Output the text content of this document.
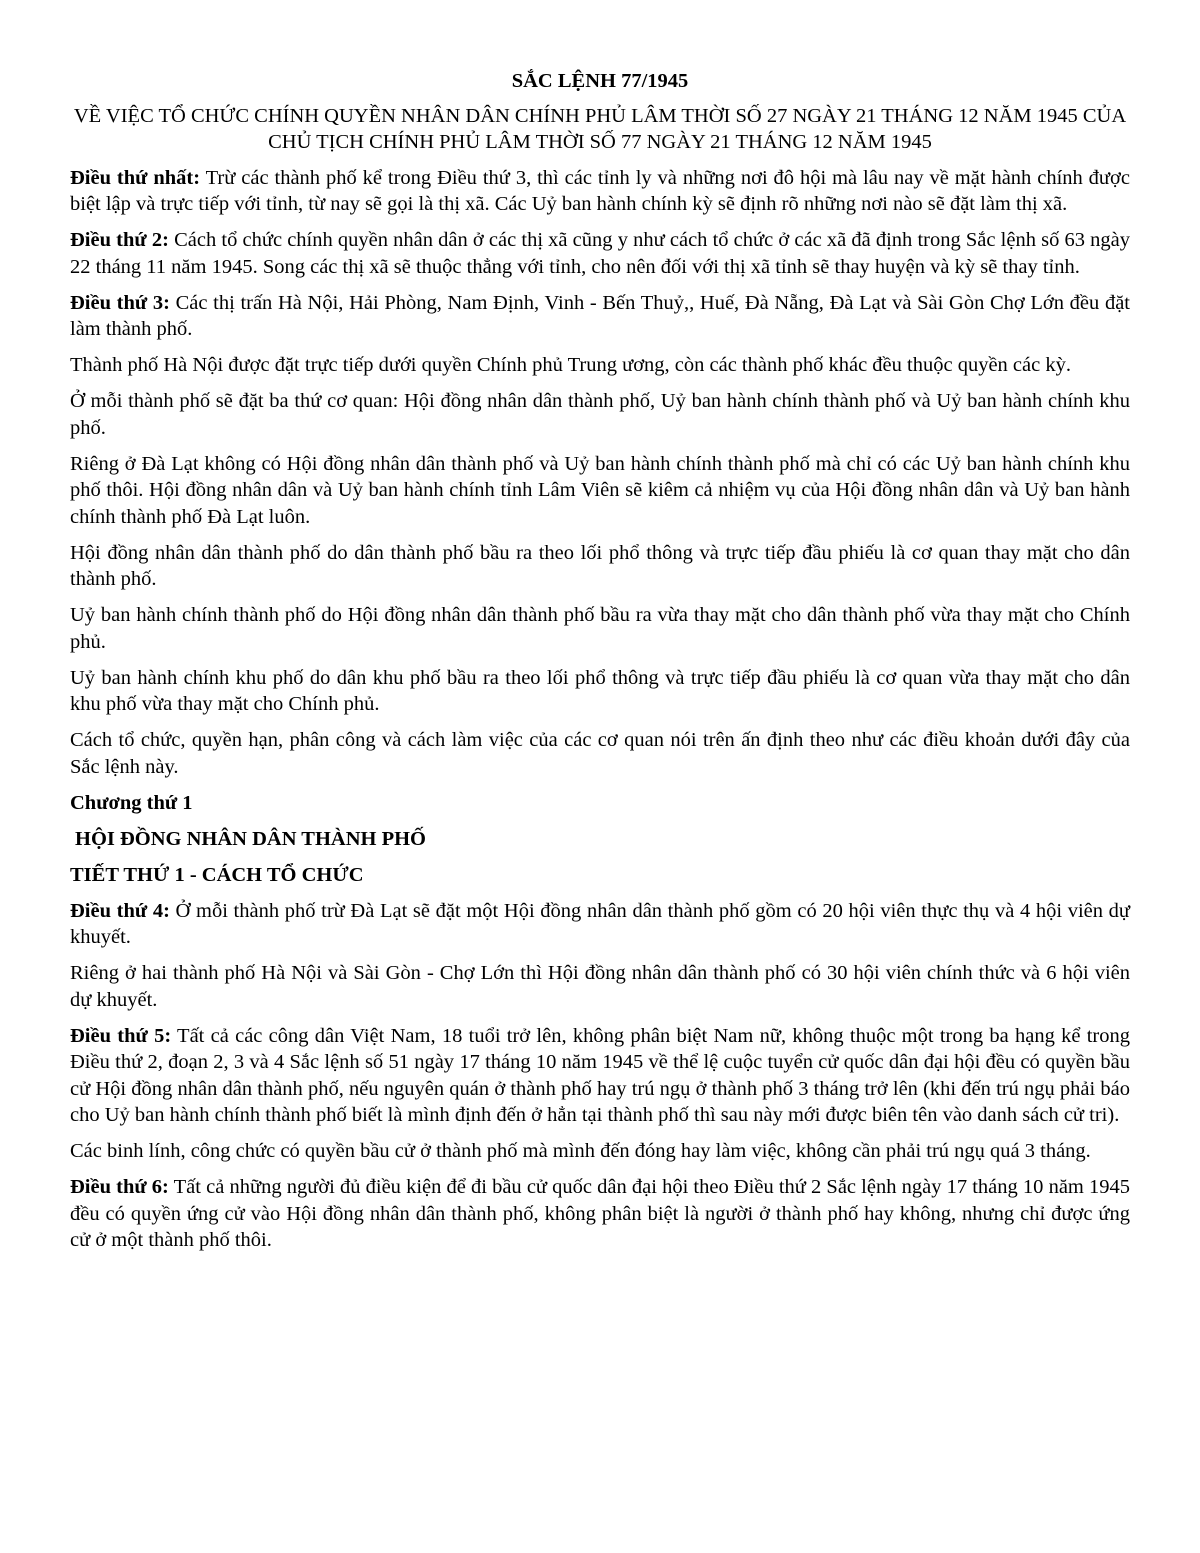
SẮC LỆNH 77/1945
VỀ VIỆC TỔ CHỨC CHÍNH QUYỀN NHÂN DÂN CHÍNH PHỦ LÂM THỜI SỐ 27 NGÀY 21 THÁNG 12 NĂM 1945 CỦA CHỦ TỊCH CHÍNH PHỦ LÂM THỜI SỐ 77 NGÀY 21 THÁNG 12 NĂM 1945

Điều thứ nhất: Trừ các thành phố kể trong Điều thứ 3, thì các tỉnh ly và những nơi đô hội mà lâu nay về mặt hành chính được biệt lập và trực tiếp với tỉnh, từ nay sẽ gọi là thị xã. Các Uỷ ban hành chính kỳ sẽ định rõ những nơi nào sẽ đặt làm thị xã.

Điều thứ 2: Cách tổ chức chính quyền nhân dân ở các thị xã cũng y như cách tổ chức ở các xã đã định trong Sắc lệnh số 63 ngày 22 tháng 11 năm 1945. Song các thị xã sẽ thuộc thẳng với tỉnh, cho nên đối với thị xã tỉnh sẽ thay huyện và kỳ sẽ thay tỉnh.

Điều thứ 3: Các thị trấn Hà Nội, Hải Phòng, Nam Định, Vinh - Bến Thuỷ,, Huế, Đà Nẵng, Đà Lạt và Sài Gòn Chợ Lớn đều đặt làm thành phố.

Thành phố Hà Nội được đặt trực tiếp dưới quyền Chính phủ Trung ương, còn các thành phố khác đều thuộc quyền các kỳ.

Ở mỗi thành phố sẽ đặt ba thứ cơ quan: Hội đồng nhân dân thành phố, Uỷ ban hành chính thành phố và Uỷ ban hành chính khu phố.

Riêng ở Đà Lạt không có Hội đồng nhân dân thành phố và Uỷ ban hành chính thành phố mà chỉ có các Uỷ ban hành chính khu phố thôi. Hội đồng nhân dân và Uỷ ban hành chính tỉnh Lâm Viên sẽ kiêm cả nhiệm vụ của Hội đồng nhân dân và Uỷ ban hành chính thành phố Đà Lạt luôn.

Hội đồng nhân dân thành phố do dân thành phố bầu ra theo lối phổ thông và trực tiếp đầu phiếu là cơ quan thay mặt cho dân thành phố.

Uỷ ban hành chính thành phố do Hội đồng nhân dân thành phố bầu ra vừa thay mặt cho dân thành phố vừa thay mặt cho Chính phủ.

Uỷ ban hành chính khu phố do dân khu phố bầu ra theo lối phổ thông và trực tiếp đầu phiếu là cơ quan vừa thay mặt cho dân khu phố vừa thay mặt cho Chính phủ.

Cách tổ chức, quyền hạn, phân công và cách làm việc của các cơ quan nói trên ấn định theo như các điều khoản dưới đây của Sắc lệnh này.

Chương thứ 1
HỘI ĐỒNG NHÂN DÂN THÀNH PHỐ
TIẾT THỨ 1 - CÁCH TỔ CHỨC

Điều thứ 4: Ở mỗi thành phố trừ Đà Lạt sẽ đặt một Hội đồng nhân dân thành phố gồm có 20 hội viên thực thụ và 4 hội viên dự khuyết.

Riêng ở hai thành phố Hà Nội và Sài Gòn - Chợ Lớn thì Hội đồng nhân dân thành phố có 30 hội viên chính thức và 6 hội viên dự khuyết.

Điều thứ 5: Tất cả các công dân Việt Nam, 18 tuổi trở lên, không phân biệt Nam nữ, không thuộc một trong ba hạng kể trong Điều thứ 2, đoạn 2, 3 và 4 Sắc lệnh số 51 ngày 17 tháng 10 năm 1945 về thể lệ cuộc tuyển cử quốc dân đại hội đều có quyền bầu cử Hội đồng nhân dân thành phố, nếu nguyên quán ở thành phố hay trú ngụ ở thành phố 3 tháng trở lên (khi đến trú ngụ phải báo cho Uỷ ban hành chính thành phố biết là mình định đến ở hẳn tại thành phố thì sau này mới được biên tên vào danh sách cử tri).

Các binh lính, công chức có quyền bầu cử ở thành phố mà mình đến đóng hay làm việc, không cần phải trú ngụ quá 3 tháng.

Điều thứ 6: Tất cả những người đủ điều kiện để đi bầu cử quốc dân đại hội theo Điều thứ 2 Sắc lệnh ngày 17 tháng 10 năm 1945 đều có quyền ứng cử vào Hội đồng nhân dân thành phố, không phân biệt là người ở thành phố hay không, nhưng chỉ được ứng cử ở một thành phố thôi.
